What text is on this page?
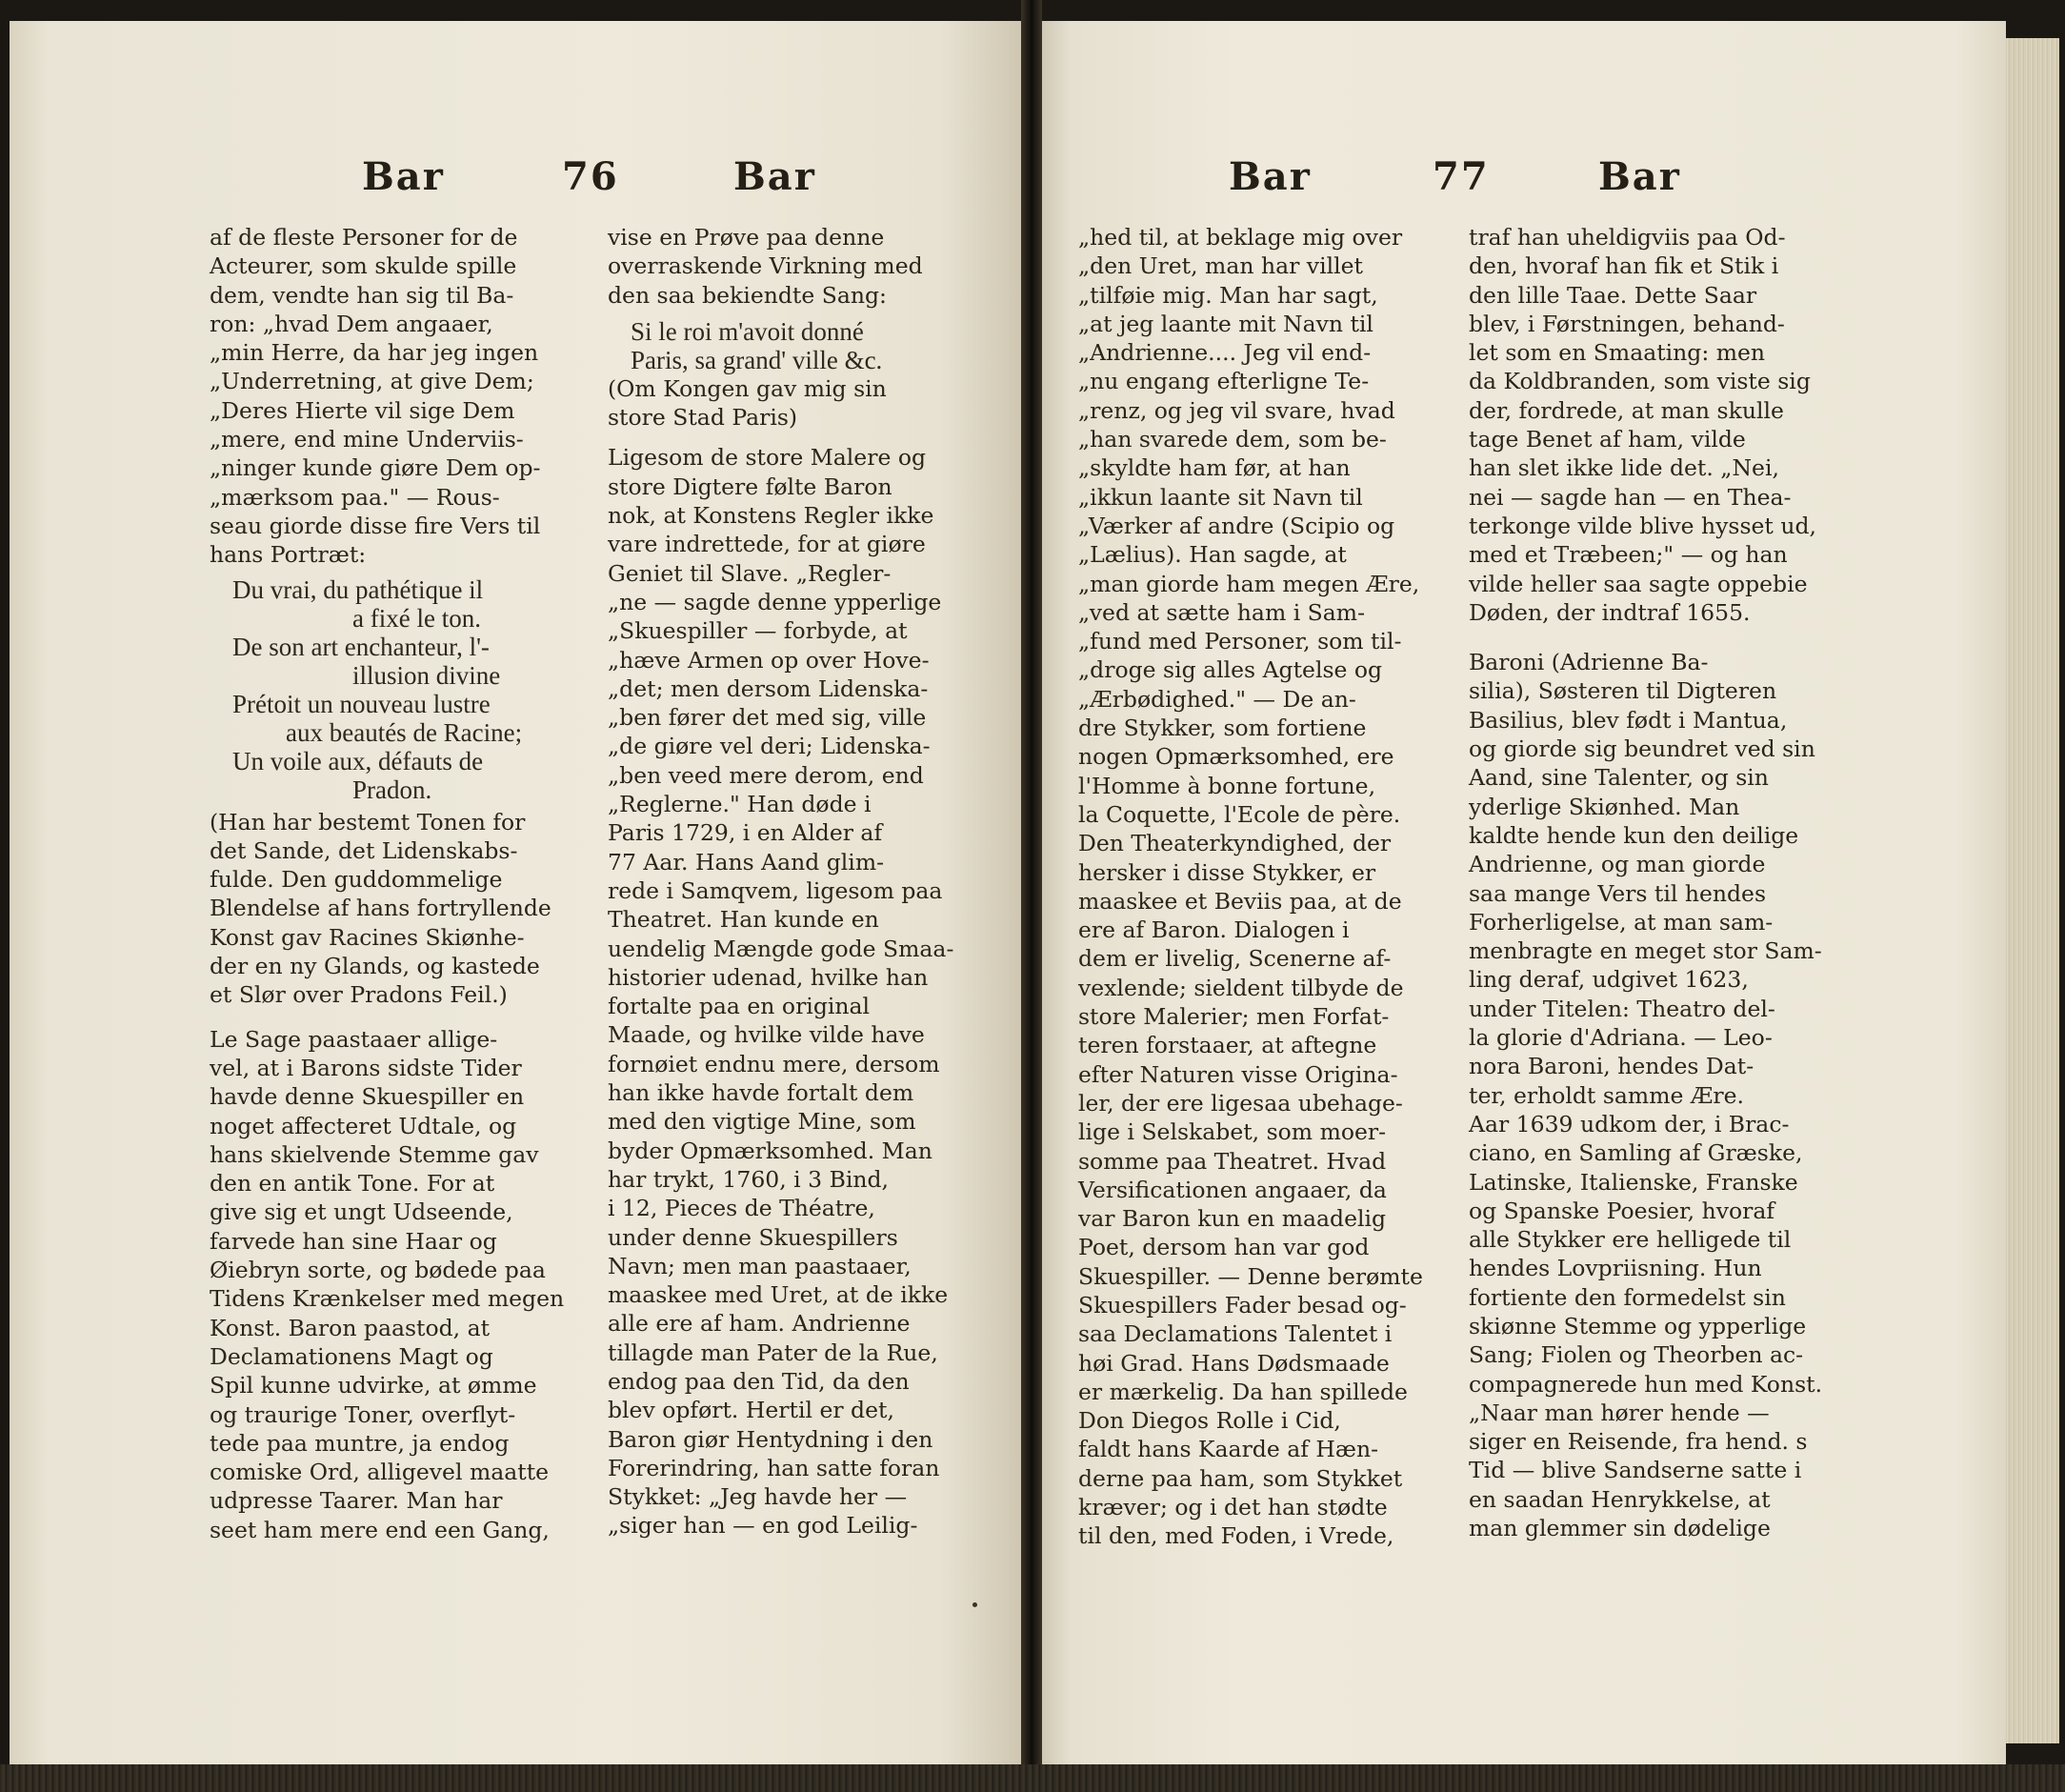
Bar	76	Bar

af de fleste Personer for de

Acteurer, som skulde spille

dem, vendte han sig til Ba-

ron: „hvad Dem angaaer,

„min Herre, da har jeg ingen

„Underretning, at give Dem;

„Deres Hierte vil sige Dem

„mere, end mine Underviis-

„ninger kunde giøre Dem op-

„mærksom paa." — Rous-

seau giorde disse fire Vers til

hans Portræt:

Du vrai, du pathétique il

a fixé le ton.

De son art enchanteur, l'-

illusion divine

Prétoit un nouveau lustre

aux beautés de Racine;

Un voile aux, défauts de

Pradon.

(Han har bestemt Tonen for

det Sande, det Lidenskabs-

fulde. Den guddommelige

Blendelse af hans fortryllende

Konst gav Racines Skiønhe-

der en ny Glands, og kastede

et Slør over Pradons Feil.)

Le Sage paastaaer allige-

vel, at i Barons sidste Tider

havde denne Skuespiller en

noget affecteret Udtale, og

hans skielvende Stemme gav

den en antik Tone. For at

give sig et ungt Udseende,

farvede han sine Haar og

Øiebryn sorte, og bødede paa

Tidens Krænkelser med megen

Konst. Baron paastod, at

Declamationens Magt og

Spil kunne udvirke, at ømme

og traurige Toner, overflyt-

tede paa muntre, ja endog

comiske Ord, alligevel maatte

udpresse Taarer. Man har

seet ham mere end een Gang,

vise en Prøve paa denne

overraskende Virkning med

den saa bekiendte Sang:

Si le roi m'avoit donné

Paris, sa grand' ville &c.

(Om Kongen gav mig sin

store Stad Paris)

Ligesom de store Malere og

store Digtere følte Baron

nok, at Konstens Regler ikke

vare indrettede, for at giøre

Geniet til Slave. „Regler-

„ne — sagde denne ypperlige

„Skuespiller — forbyde, at

„hæve Armen op over Hove-

„det; men dersom Lidenska-

„ben fører det med sig, ville

„de giøre vel deri; Lidenska-

„ben veed mere derom, end

„Reglerne." Han døde i

Paris 1729, i en Alder af

77 Aar. Hans Aand glim-

rede i Samqvem, ligesom paa

Theatret. Han kunde en

uendelig Mængde gode Smaa-

historier udenad, hvilke han

fortalte paa en original

Maade, og hvilke vilde have

fornøiet endnu mere, dersom

han ikke havde fortalt dem

med den vigtige Mine, som

byder Opmærksomhed. Man

har trykt, 1760, i 3 Bind,

i 12, Pieces de Théatre,

under denne Skuespillers

Navn; men man paastaaer,

maaskee med Uret, at de ikke

alle ere af ham. Andrienne

tillagde man Pater de la Rue,

endog paa den Tid, da den

blev opført. Hertil er det,

Baron giør Hentydning i den

Forerindring, han satte foran

Stykket: „Jeg havde her —

„siger han — en god Leilig-

Bar	77	Bar

„hed til, at beklage mig over

„den Uret, man har villet

„tilføie mig. Man har sagt,

„at jeg laante mit Navn til

„Andrienne.... Jeg vil end-

„nu engang efterligne Te-

„renz, og jeg vil svare, hvad

„han svarede dem, som be-

„skyldte ham før, at han

„ikkun laante sit Navn til

„Værker af andre (Scipio og

„Lælius). Han sagde, at

„man giorde ham megen Ære,

„ved at sætte ham i Sam-

„fund med Personer, som til-

„droge sig alles Agtelse og

„Ærbødighed." — De an-

dre Stykker, som fortiene

nogen Opmærksomhed, ere

l'Homme à bonne fortune,

la Coquette, l'Ecole de père.

Den Theaterkyndighed, der

hersker i disse Stykker, er

maaskee et Beviis paa, at de

ere af Baron. Dialogen i

dem er livelig, Scenerne af-

vexlende; sieldent tilbyde de

store Malerier; men Forfat-

teren forstaaer, at aftegne

efter Naturen visse Origina-

ler, der ere ligesaa ubehage-

lige i Selskabet, som moer-

somme paa Theatret. Hvad

Versificationen angaaer, da

var Baron kun en maadelig

Poet, dersom han var god

Skuespiller. — Denne berømte

Skuespillers Fader besad og-

saa Declamations Talentet i

høi Grad. Hans Dødsmaade

er mærkelig. Da han spillede

Don Diegos Rolle i Cid,

faldt hans Kaarde af Hæn-

derne paa ham, som Stykket

kræver; og i det han stødte

til den, med Foden, i Vrede,

traf han uheldigviis paa Od-

den, hvoraf han fik et Stik i

den lille Taae. Dette Saar

blev, i Førstningen, behand-

let som en Smaating: men

da Koldbranden, som viste sig

der, fordrede, at man skulle

tage Benet af ham, vilde

han slet ikke lide det. „Nei,

nei — sagde han — en Thea-

terkonge vilde blive hysset ud,

med et Træbeen;" — og han

vilde heller saa sagte oppebie

Døden, der indtraf 1655.

Baroni (Adrienne Ba-

silia), Søsteren til Digteren

Basilius, blev født i Mantua,

og giorde sig beundret ved sin

Aand, sine Talenter, og sin

yderlige Skiønhed. Man

kaldte hende kun den deilige

Andrienne, og man giorde

saa mange Vers til hendes

Forherligelse, at man sam-

menbragte en meget stor Sam-

ling deraf, udgivet 1623,

under Titelen: Theatro del-

la glorie d'Adriana. — Leo-

nora Baroni, hendes Dat-

ter, erholdt samme Ære.

Aar 1639 udkom der, i Brac-

ciano, en Samling af Græske,

Latinske, Italienske, Franske

og Spanske Poesier, hvoraf

alle Stykker ere helligede til

hendes Lovpriisning. Hun

fortiente den formedelst sin

skiønne Stemme og ypperlige

Sang; Fiolen og Theorben ac-

compagnerede hun med Konst.

„Naar man hører hende —

siger en Reisende, fra hend. s

Tid — blive Sandserne satte i

en saadan Henrykkelse, at

man glemmer sin dødelige
